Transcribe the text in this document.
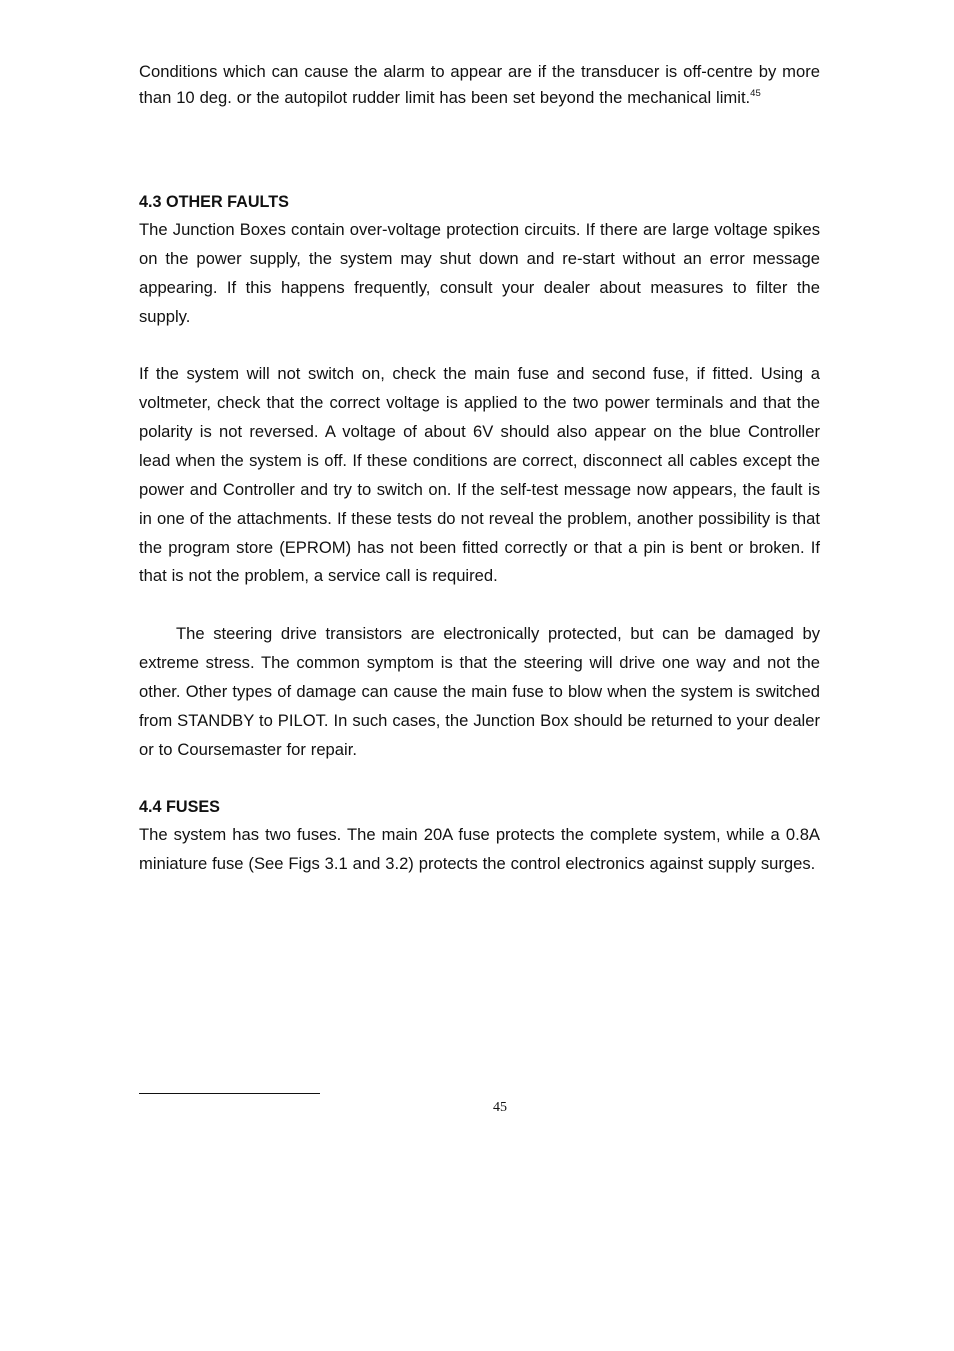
Conditions which can cause the alarm to appear are if the transducer is off-centre by more than 10 deg. or the autopilot rudder limit has been set beyond the mechanical limit.$^{45}$

4.3 OTHER FAULTS

The Junction Boxes contain over-voltage protection circuits. If there are large voltage spikes on the power supply, the system may shut down and re-start without an error message appearing. If this happens frequently, consult your dealer about measures to filter the supply.

If the system will not switch on, check the main fuse and second fuse, if fitted. Using a voltmeter, check that the correct voltage is applied to the two power terminals and that the polarity is not reversed. A voltage of about 6V should also appear on the blue Controller lead when the system is off. If these conditions are correct, disconnect all cables except the power and Controller and try to switch on. If the self-test message now appears, the fault is in one of the attachments. If these tests do not reveal the problem, another possibility is that the program store (EPROM) has not been fitted correctly or that a pin is bent or broken. If that is not the problem, a service call is required.

The steering drive transistors are electronically protected, but can be damaged by extreme stress. The common symptom is that the steering will drive one way and not the other. Other types of damage can cause the main fuse to blow when the system is switched from STANDBY to PILOT. In such cases, the Junction Box should be returned to your dealer or to Coursemaster for repair.

4.4 FUSES

The system has two fuses. The main 20A fuse protects the complete system, while a 0.8A miniature fuse (See Figs 3.1 and 3.2) protects the control electronics against supply surges.

45
